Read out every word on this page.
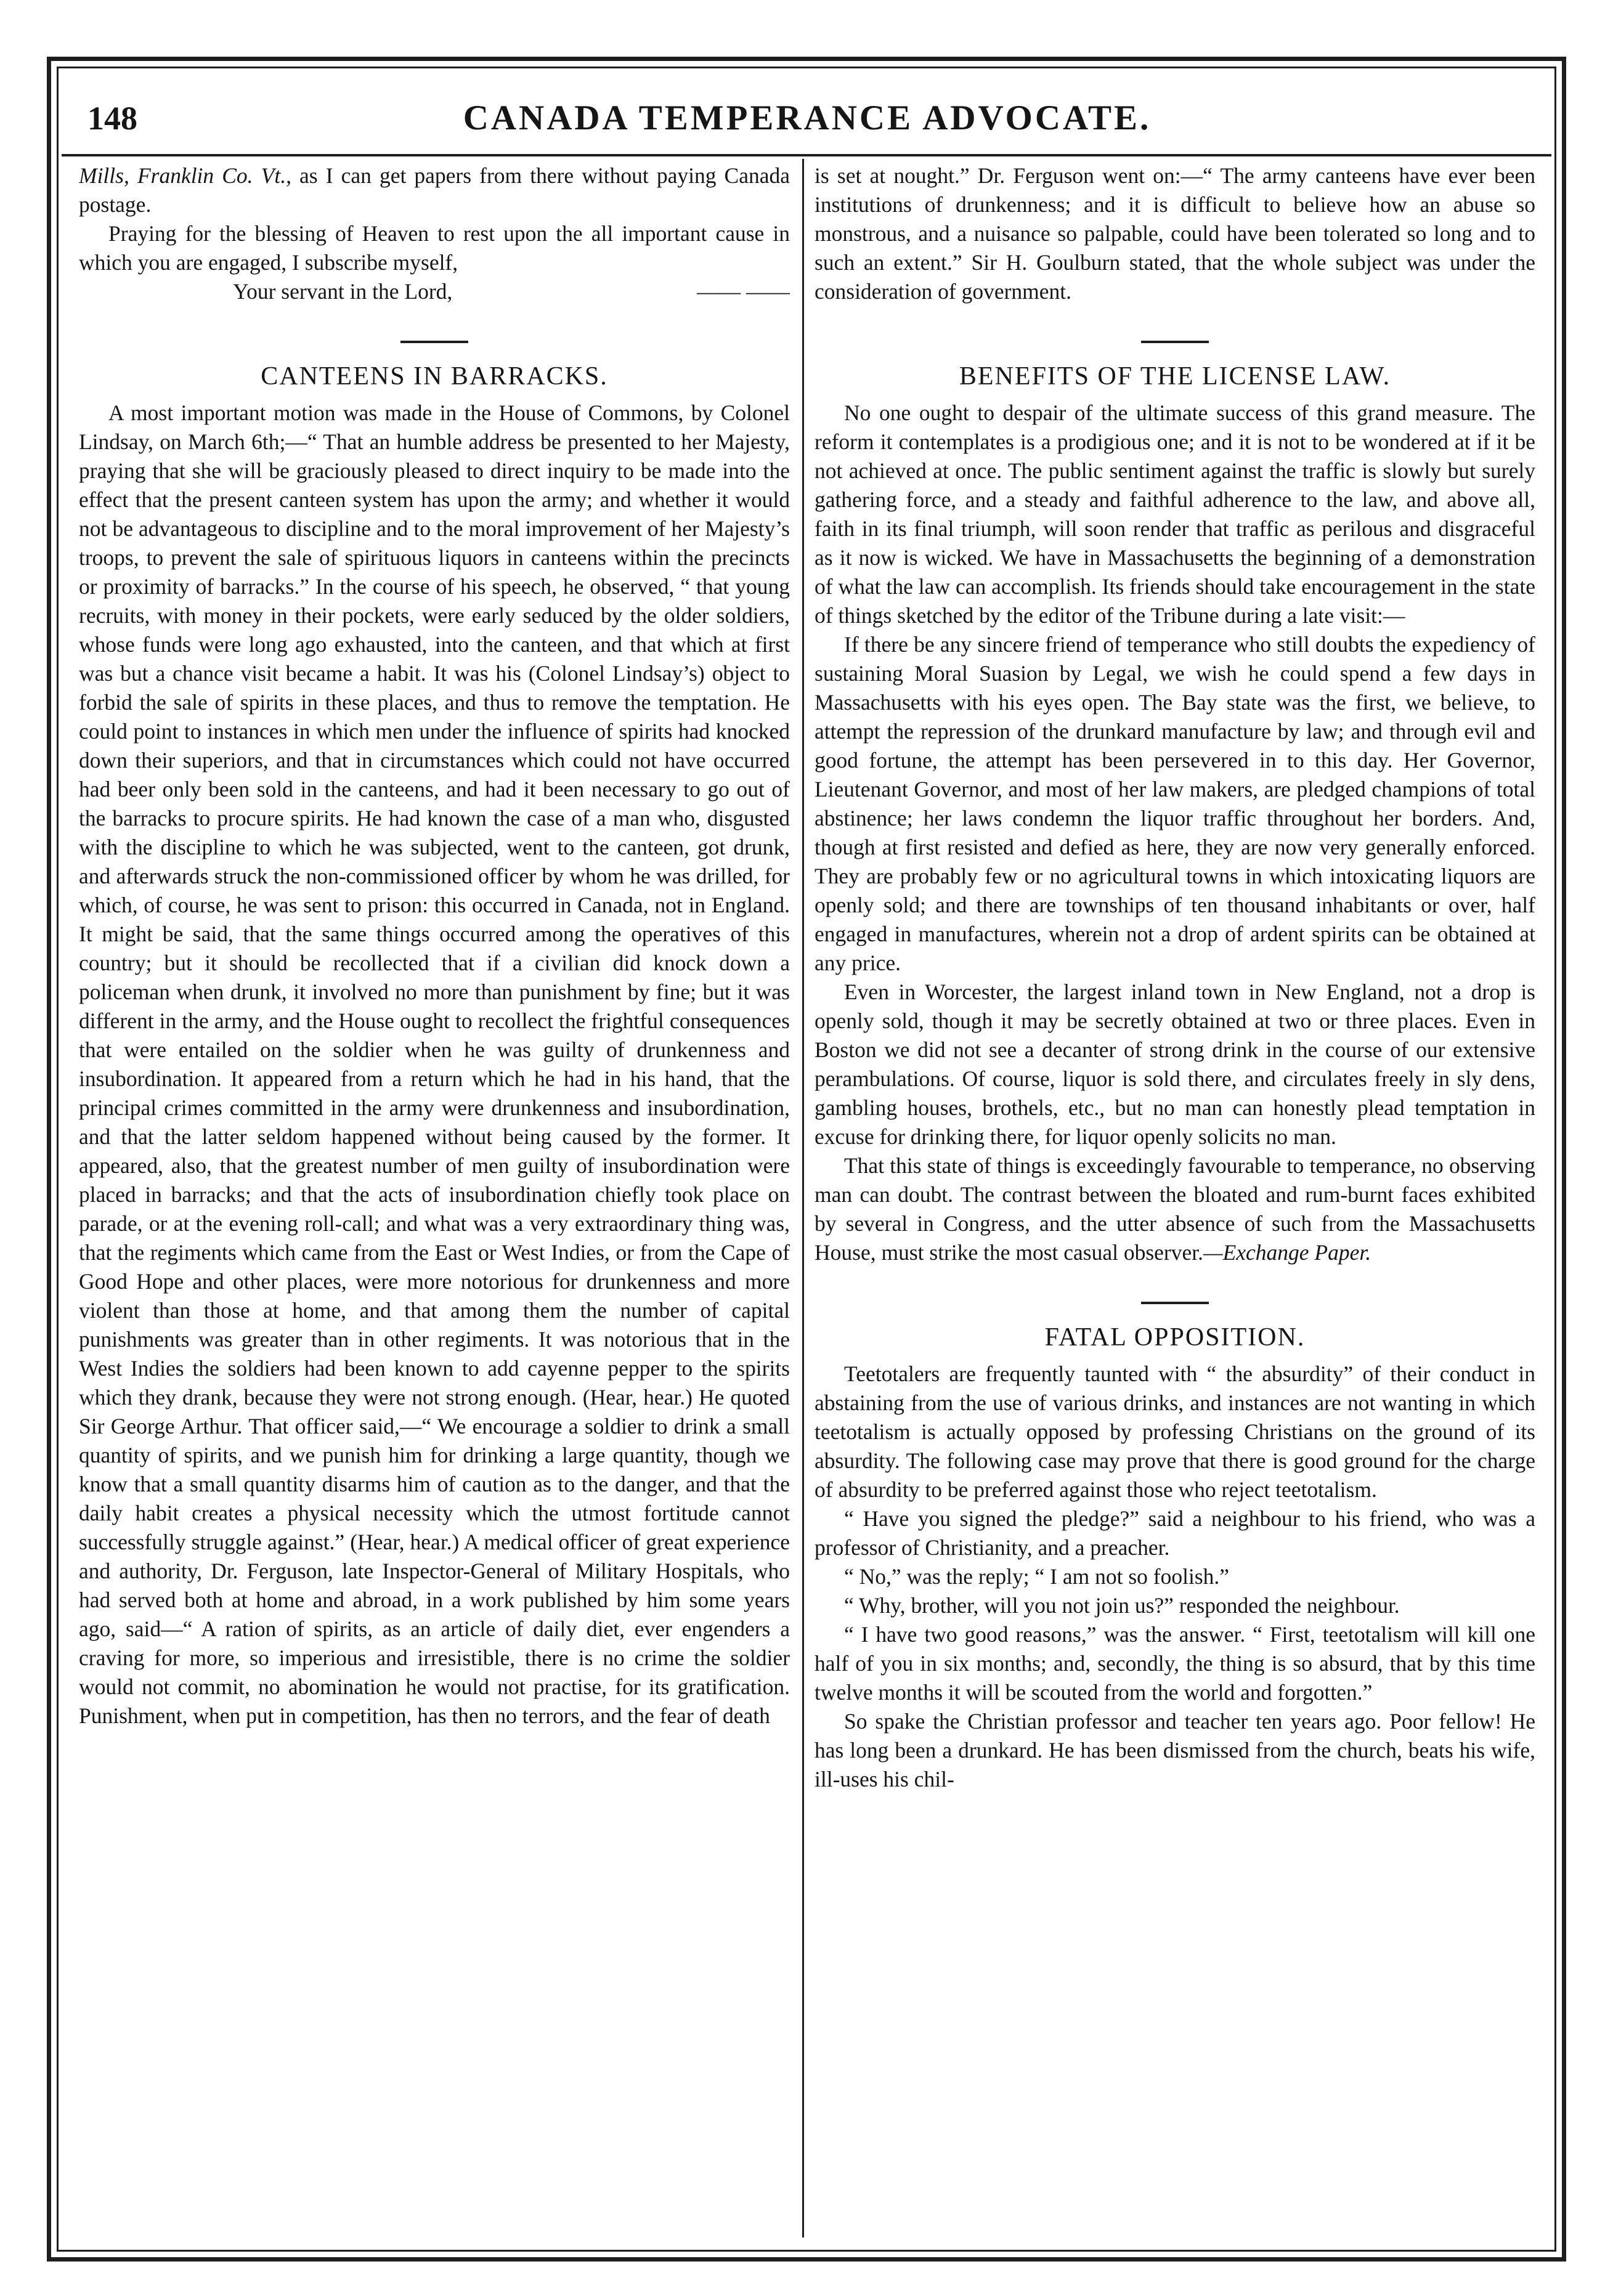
148	CANADA TEMPERANCE ADVOCATE.

Mills, Franklin Co. Vt., as I can get papers from there without paying Canada postage.

Praying for the blessing of Heaven to rest upon the all important cause in which you are engaged, I subscribe myself,

Your servant in the Lord,	—— ——
CANTEENS IN BARRACKS.

A most important motion was made in the House of Commons, by Colonel Lindsay, on March 6th;—“ That an humble address be presented to her Majesty, praying that she will be graciously pleased to direct inquiry to be made into the effect that the present canteen system has upon the army; and whether it would not be advantageous to discipline and to the moral improvement of her Majesty’s troops, to prevent the sale of spirituous liquors in canteens within the precincts or proximity of barracks.” In the course of his speech, he observed, “ that young recruits, with money in their pockets, were early seduced by the older soldiers, whose funds were long ago exhausted, into the canteen, and that which at first was but a chance visit became a habit. It was his (Colonel Lindsay’s) object to forbid the sale of spirits in these places, and thus to remove the temptation. He could point to instances in which men under the influence of spirits had knocked down their superiors, and that in circumstances which could not have occurred had beer only been sold in the canteens, and had it been necessary to go out of the barracks to procure spirits. He had known the case of a man who, disgusted with the discipline to which he was subjected, went to the canteen, got drunk, and afterwards struck the non-commissioned officer by whom he was drilled, for which, of course, he was sent to prison: this occurred in Canada, not in England. It might be said, that the same things occurred among the operatives of this country; but it should be recollected that if a civilian did knock down a policeman when drunk, it involved no more than punishment by fine; but it was different in the army, and the House ought to recollect the frightful consequences that were entailed on the soldier when he was guilty of drunkenness and insubordination. It appeared from a return which he had in his hand, that the principal crimes committed in the army were drunkenness and insubordination, and that the latter seldom happened without being caused by the former. It appeared, also, that the greatest number of men guilty of insubordination were placed in barracks; and that the acts of insubordination chiefly took place on parade, or at the evening roll-call; and what was a very extraordinary thing was, that the regiments which came from the East or West Indies, or from the Cape of Good Hope and other places, were more notorious for drunkenness and more violent than those at home, and that among them the number of capital punishments was greater than in other regiments. It was notorious that in the West Indies the soldiers had been known to add cayenne pepper to the spirits which they drank, because they were not strong enough. (Hear, hear.) He quoted Sir George Arthur. That officer said,—“ We encourage a soldier to drink a small quantity of spirits, and we punish him for drinking a large quantity, though we know that a small quantity disarms him of caution as to the danger, and that the daily habit creates a physical necessity which the utmost fortitude cannot successfully struggle against.” (Hear, hear.) A medical officer of great experience and authority, Dr. Ferguson, late Inspector-General of Military Hospitals, who had served both at home and abroad, in a work published by him some years ago, said—“ A ration of spirits, as an article of daily diet, ever engenders a craving for more, so imperious and irresistible, there is no crime the soldier would not commit, no abomination he would not practise, for its gratification. Punishment, when put in competition, has then no terrors, and the fear of death

is set at nought.” Dr. Ferguson went on:—“ The army canteens have ever been institutions of drunkenness; and it is difficult to believe how an abuse so monstrous, and a nuisance so palpable, could have been tolerated so long and to such an extent.” Sir H. Goulburn stated, that the whole subject was under the consideration of government.

BENEFITS OF THE LICENSE LAW.

No one ought to despair of the ultimate success of this grand measure. The reform it contemplates is a prodigious one; and it is not to be wondered at if it be not achieved at once. The public sentiment against the traffic is slowly but surely gathering force, and a steady and faithful adherence to the law, and above all, faith in its final triumph, will soon render that traffic as perilous and disgraceful as it now is wicked. We have in Massachusetts the beginning of a demonstration of what the law can accomplish. Its friends should take encouragement in the state of things sketched by the editor of the Tribune during a late visit:—

If there be any sincere friend of temperance who still doubts the expediency of sustaining Moral Suasion by Legal, we wish he could spend a few days in Massachusetts with his eyes open. The Bay state was the first, we believe, to attempt the repression of the drunkard manufacture by law; and through evil and good fortune, the attempt has been persevered in to this day. Her Governor, Lieutenant Governor, and most of her law makers, are pledged champions of total abstinence; her laws condemn the liquor traffic throughout her borders. And, though at first resisted and defied as here, they are now very generally enforced. They are probably few or no agricultural towns in which intoxicating liquors are openly sold; and there are townships of ten thousand inhabitants or over, half engaged in manufactures, wherein not a drop of ardent spirits can be obtained at any price.

Even in Worcester, the largest inland town in New England, not a drop is openly sold, though it may be secretly obtained at two or three places. Even in Boston we did not see a decanter of strong drink in the course of our extensive perambulations. Of course, liquor is sold there, and circulates freely in sly dens, gambling houses, brothels, etc., but no man can honestly plead temptation in excuse for drinking there, for liquor openly solicits no man.

That this state of things is exceedingly favourable to temperance, no observing man can doubt. The contrast between the bloated and rum-burnt faces exhibited by several in Congress, and the utter absence of such from the Massachusetts House, must strike the most casual observer.—Exchange Paper.

FATAL OPPOSITION.

Teetotalers are frequently taunted with “ the absurdity” of their conduct in abstaining from the use of various drinks, and instances are not wanting in which teetotalism is actually opposed by professing Christians on the ground of its absurdity. The following case may prove that there is good ground for the charge of absurdity to be preferred against those who reject teetotalism.

“ Have you signed the pledge?” said a neighbour to his friend, who was a professor of Christianity, and a preacher.

“ No,” was the reply; “ I am not so foolish.”

“ Why, brother, will you not join us?” responded the neighbour.

“ I have two good reasons,” was the answer. “ First, teetotalism will kill one half of you in six months; and, secondly, the thing is so absurd, that by this time twelve months it will be scouted from the world and forgotten.”

So spake the Christian professor and teacher ten years ago. Poor fellow! He has long been a drunkard. He has been dismissed from the church, beats his wife, ill-uses his chil-
